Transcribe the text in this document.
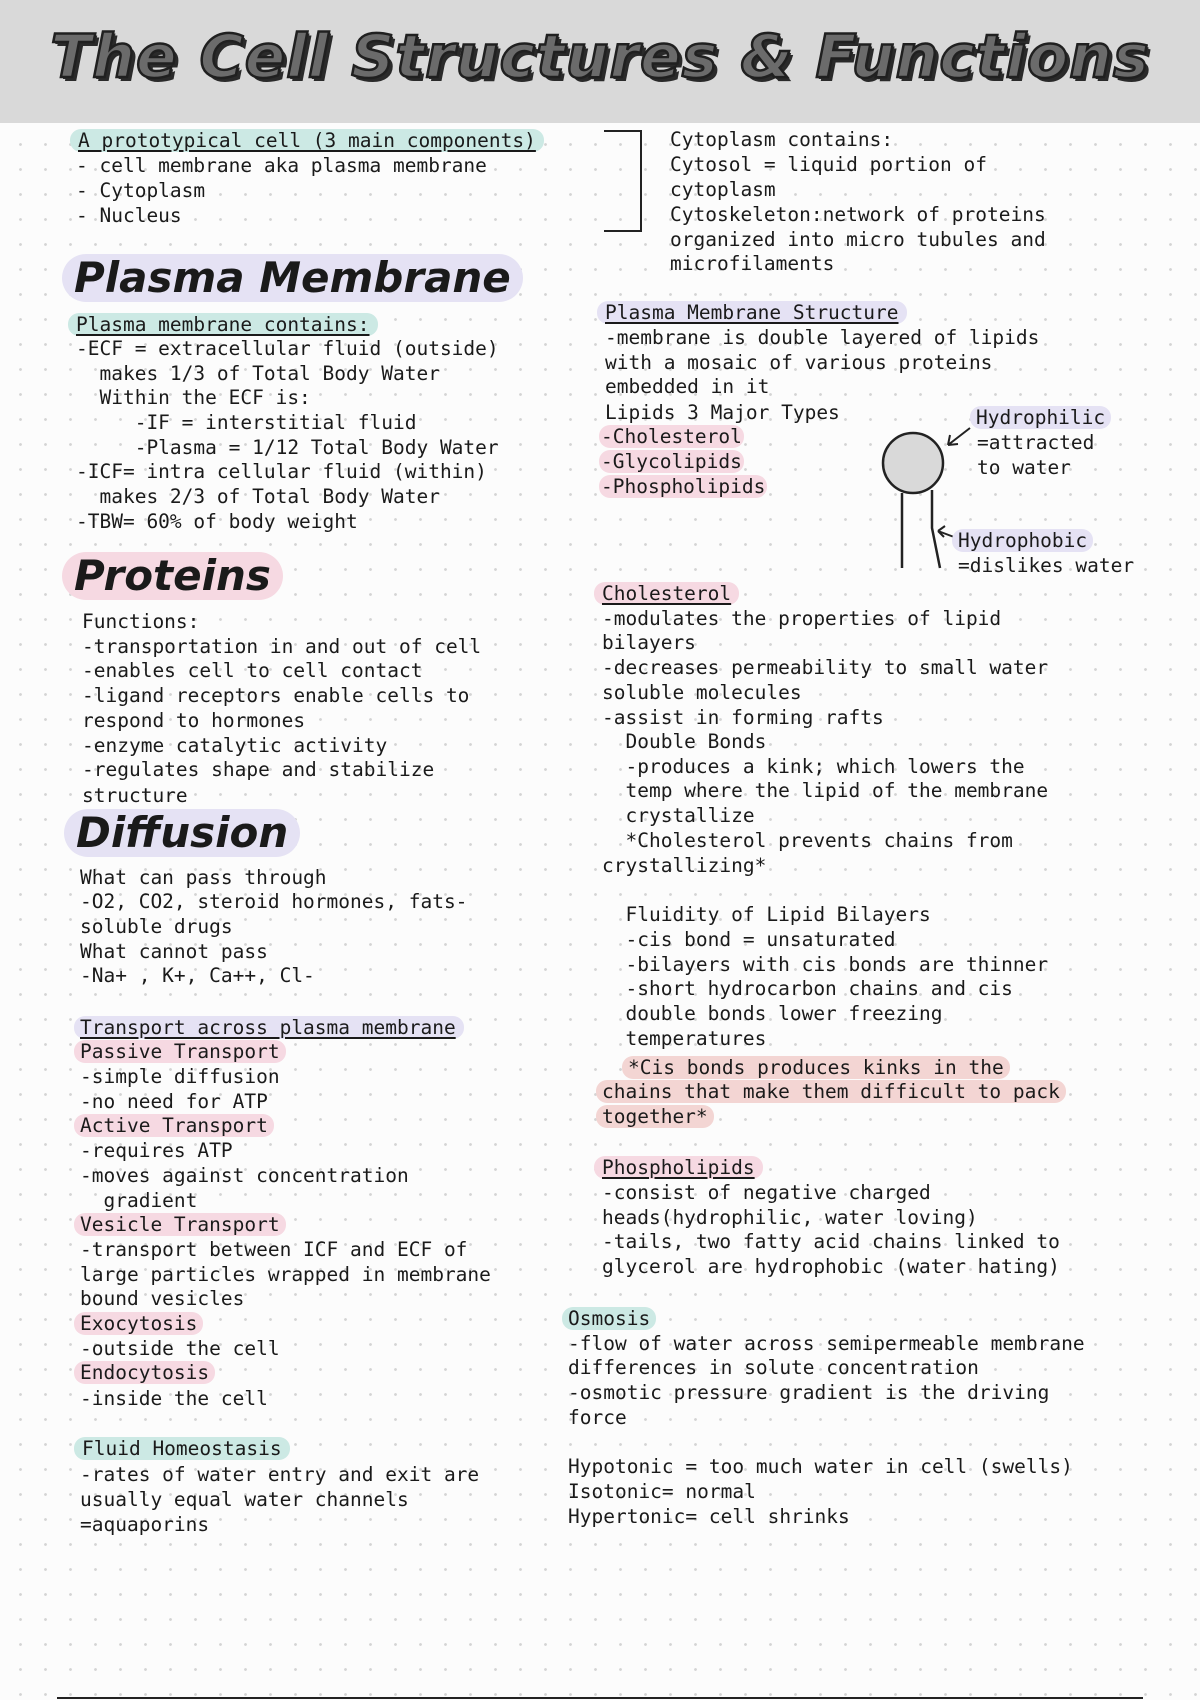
The Cell Structures & Functions
A prototypical cell (3 main components)
- cell membrane aka plasma membrane
- Cytoplasm
- Nucleus
Cytoplasm contains:
Cytosol = liquid portion of
cytoplasm
Cytoskeleton:network of proteins
organized into micro tubules and
microfilaments
Plasma Membrane
Plasma membrane contains:
-ECF = extracellular fluid (outside)
makes 1/3 of Total Body Water
Within the ECF is:
-IF = interstitial fluid
-Plasma = 1/12 Total Body Water
-ICF= intra cellular fluid (within)
makes 2/3 of Total Body Water
-TBW= 60% of body weight
Plasma Membrane Structure
-membrane is double layered of lipids
with a mosaic of various proteins
embedded in it
Lipids 3 Major Types
-Cholesterol
-Glycolipids
-Phospholipids
Hydrophilic
=attracted
to water
Hydrophobic
=dislikes water
Proteins
Functions:
-transportation in and out of cell
-enables cell to cell contact
-ligand receptors enable cells to
respond to hormones
-enzyme catalytic activity
-regulates shape and stabilize
structure
Cholesterol
-modulates the properties of lipid
bilayers
-decreases permeability to small water
soluble molecules
-assist in forming rafts
Double Bonds
-produces a kink; which lowers the
temp where the lipid of the membrane
crystallize
*Cholesterol prevents chains from
crystallizing*
Fluidity of Lipid Bilayers
-cis bond = unsaturated
-bilayers with cis bonds are thinner
-short hydrocarbon chains and cis
double bonds lower freezing
temperatures
*Cis bonds produces kinks in the
chains that make them difficult to pack
together*
Diffusion
What can pass through
-O2, CO2, steroid hormones, fats-
soluble drugs
What cannot pass
-Na+ , K+, Ca++, Cl-
Transport across plasma membrane
Passive Transport
-simple diffusion
-no need for ATP
Active Transport
-requires ATP
-moves against concentration
gradient
Vesicle Transport
-transport between ICF and ECF of
large particles wrapped in membrane
bound vesicles
Exocytosis
-outside the cell
Endocytosis
-inside the cell
Phospholipids
-consist of negative charged
heads(hydrophilic, water loving)
-tails, two fatty acid chains linked to
glycerol are hydrophobic (water hating)
Osmosis
-flow of water across semipermeable membrane
differences in solute concentration
-osmotic pressure gradient is the driving
force
Hypotonic = too much water in cell (swells)
Isotonic= normal
Hypertonic= cell shrinks
Fluid Homeostasis
-rates of water entry and exit are
usually equal water channels
=aquaporins
